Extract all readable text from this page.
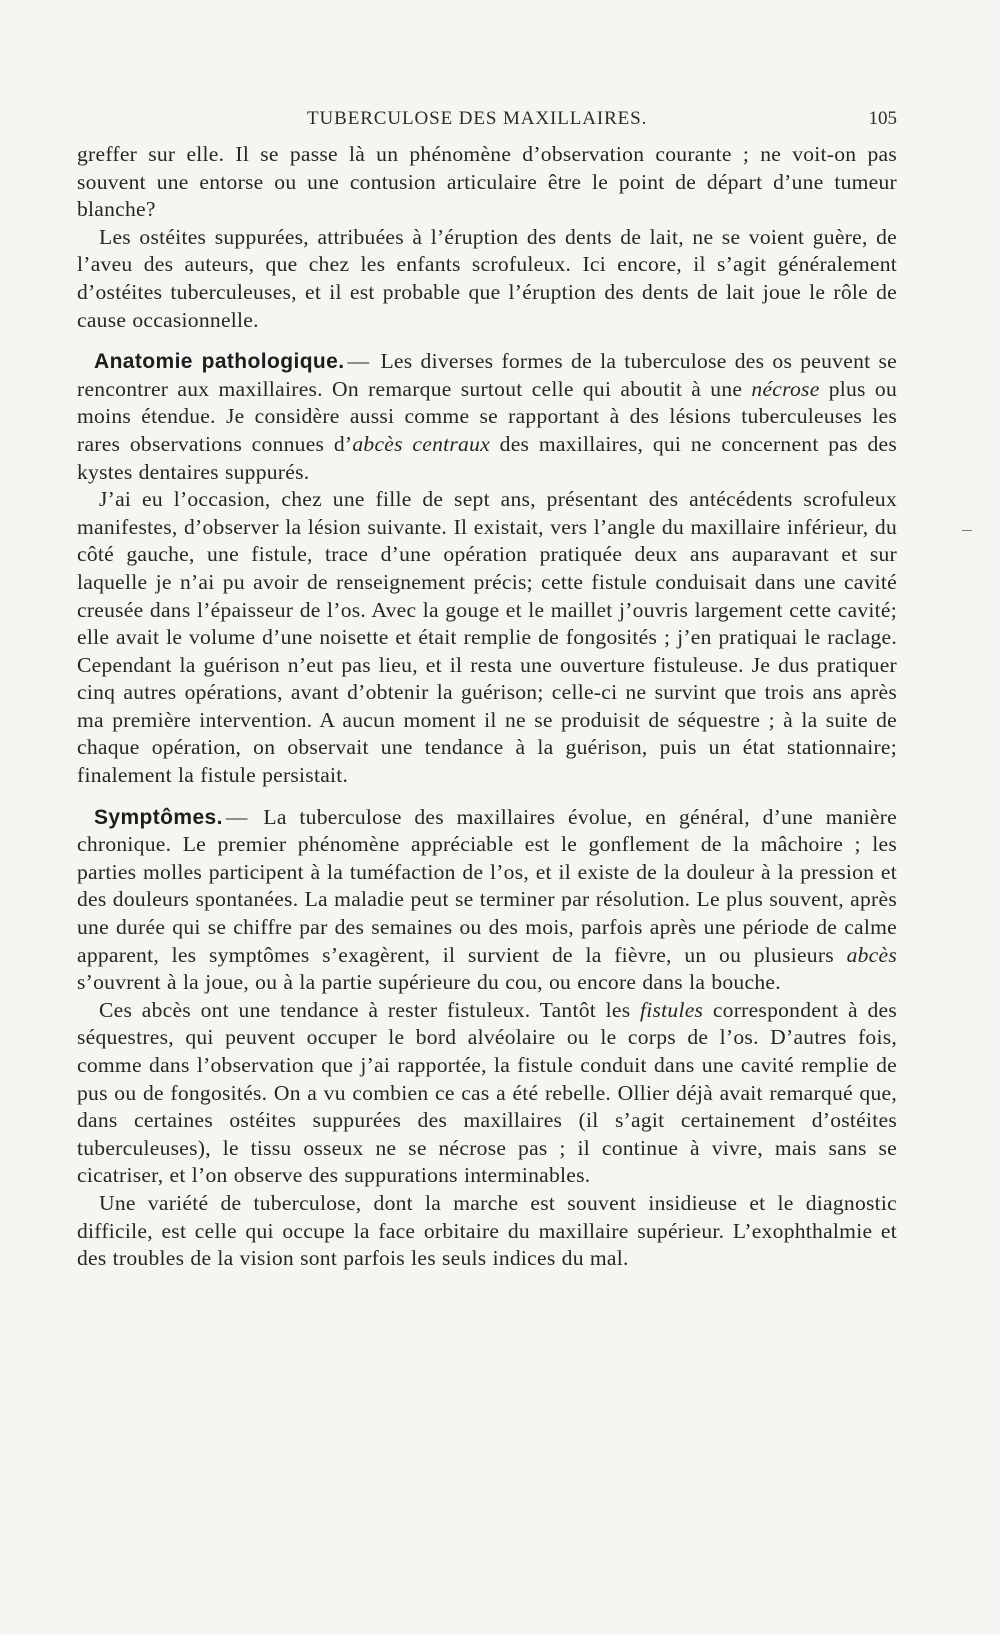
TUBERCULOSE DES MAXILLAIRES.	105

greffer sur elle. Il se passe là un phénomène d’observation courante ; ne voit-on pas souvent une entorse ou une contusion articulaire être le point de départ d’une tumeur blanche?

Les ostéites suppurées, attribuées à l’éruption des dents de lait, ne se voient guère, de l’aveu des auteurs, que chez les enfants scrofuleux. Ici encore, il s’agit généralement d’ostéites tuberculeuses, et il est probable que l’éruption des dents de lait joue le rôle de cause occasionnelle.

Anatomie pathologique. — Les diverses formes de la tuberculose des os peuvent se rencontrer aux maxillaires. On remarque surtout celle qui aboutit à une nécrose plus ou moins étendue. Je considère aussi comme se rapportant à des lésions tuberculeuses les rares observations connues d’abcès centraux des maxillaires, qui ne concernent pas des kystes dentaires suppurés.

J’ai eu l’occasion, chez une fille de sept ans, présentant des antécédents scrofuleux manifestes, d’observer la lésion suivante. Il existait, vers l’angle du maxillaire inférieur, du côté gauche, une fistule, trace d’une opération pratiquée deux ans auparavant et sur laquelle je n’ai pu avoir de renseignement précis; cette fistule conduisait dans une cavité creusée dans l’épaisseur de l’os. Avec la gouge et le maillet j’ouvris largement cette cavité; elle avait le volume d’une noisette et était remplie de fongosités ; j’en pratiquai le raclage. Cependant la guérison n’eut pas lieu, et il resta une ouverture fistuleuse. Je dus pratiquer cinq autres opérations, avant d’obtenir la guérison; celle-ci ne survint que trois ans après ma première intervention. A aucun moment il ne se produisit de séquestre ; à la suite de chaque opération, on observait une tendance à la guérison, puis un état stationnaire; finalement la fistule persistait.

Symptômes. — La tuberculose des maxillaires évolue, en général, d’une manière chronique. Le premier phénomène appréciable est le gonflement de la mâchoire ; les parties molles participent à la tuméfaction de l’os, et il existe de la douleur à la pression et des douleurs spontanées. La maladie peut se terminer par résolution. Le plus souvent, après une durée qui se chiffre par des semaines ou des mois, parfois après une période de calme apparent, les symptômes s’exagèrent, il survient de la fièvre, un ou plusieurs abcès s’ouvrent à la joue, ou à la partie supérieure du cou, ou encore dans la bouche.

Ces abcès ont une tendance à rester fistuleux. Tantôt les fistules correspondent à des séquestres, qui peuvent occuper le bord alvéolaire ou le corps de l’os. D’autres fois, comme dans l’observation que j’ai rapportée, la fistule conduit dans une cavité remplie de pus ou de fongosités. On a vu combien ce cas a été rebelle. Ollier déjà avait remarqué que, dans certaines ostéites suppurées des maxillaires (il s’agit certainement d’ostéites tuberculeuses), le tissu osseux ne se nécrose pas ; il continue à vivre, mais sans se cicatriser, et l’on observe des suppurations interminables.

Une variété de tuberculose, dont la marche est souvent insidieuse et le diagnostic difficile, est celle qui occupe la face orbitaire du maxillaire supérieur. L’exophthalmie et des troubles de la vision sont parfois les seuls indices du mal.
